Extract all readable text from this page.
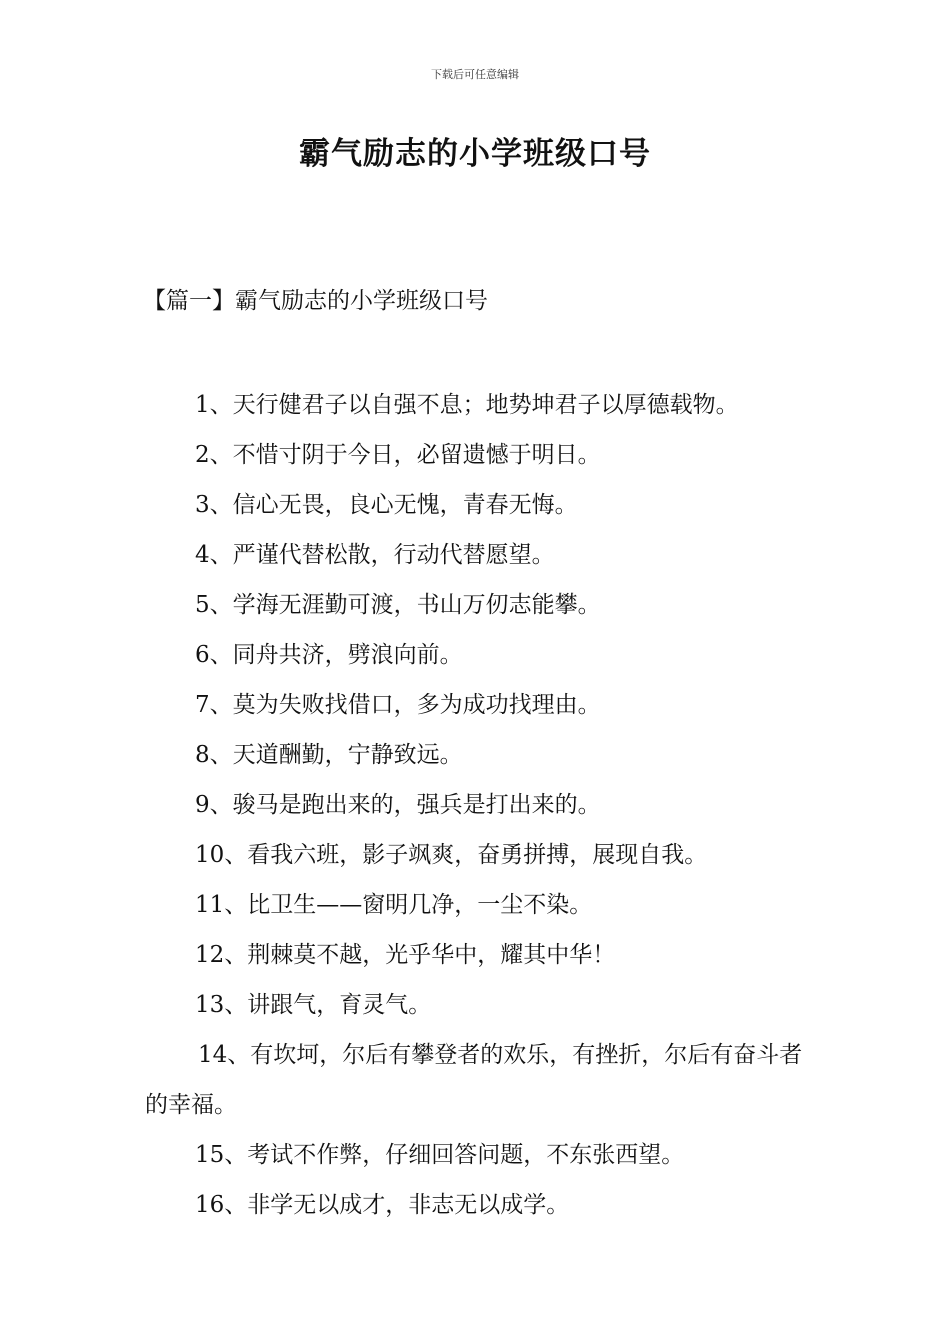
下载后可任意编辑
霸气励志的小学班级口号
【篇一】霸气励志的小学班级口号
1、天行健君子以自强不息；地势坤君子以厚德载物。
2、不惜寸阴于今日，必留遗憾于明日。
3、信心无畏，良心无愧，青春无悔。
4、严谨代替松散，行动代替愿望。
5、学海无涯勤可渡，书山万仞志能攀。
6、同舟共济，劈浪向前。
7、莫为失败找借口，多为成功找理由。
8、天道酬勤，宁静致远。
9、骏马是跑出来的，强兵是打出来的。
10、看我六班，影子飒爽，奋勇拼搏，展现自我。
11、比卫生——窗明几净，一尘不染。
12、荆棘莫不越，光乎华中，耀其中华！
13、讲跟气，育灵气。
14、有坎坷，尔后有攀登者的欢乐，有挫折，尔后有奋斗者的幸福。
15、考试不作弊，仔细回答问题，不东张西望。
16、非学无以成才，非志无以成学。
